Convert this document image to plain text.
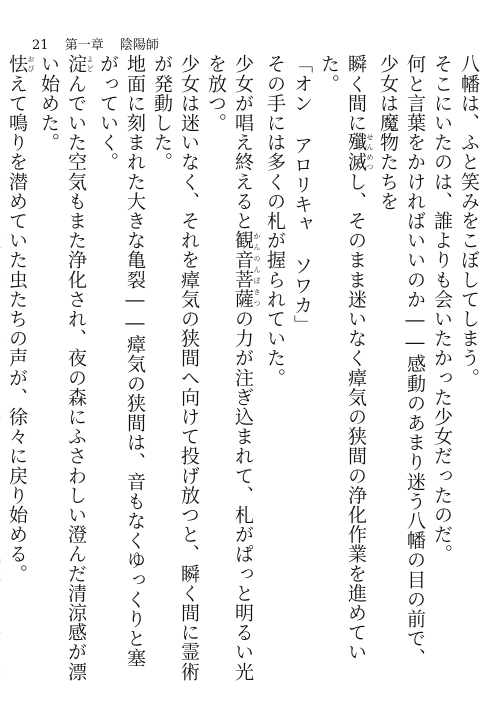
21 第一章 陰陽師

八幡は、ふと笑みをこぼしてしまう。

そこにいたのは、誰よりも会いたかった少女だったのだ。

何と言葉をかければいいのか――感動のあまり迷う八幡の目の前で、少女は魔物たちを

瞬く間に殲滅 せんめつし、そのまま迷いなく瘴気の狭間の浄化作業を進めていた。

「オン アロリキャ ソワカ」

その手には多くの札が握られていた。

少女が唱え終えると観音菩薩 かんのんぼさつの力が注ぎ込まれて、札がぱっと明るい光を放つ。

少女は迷いなく、それを瘴気の狭間へ向けて投げ放つと、瞬く間に霊術が発動した。

地面に刻まれた大きな亀裂――瘴気の狭間は、音もなくゆっくりと塞がっていく。

淀 よどんでいた空気もまた浄化され、夜の森にふさわしい澄んだ清涼感が漂い始めた。

怯 おびえて鳴りを潜めていた虫たちの声が、徐々に戻り始める。
